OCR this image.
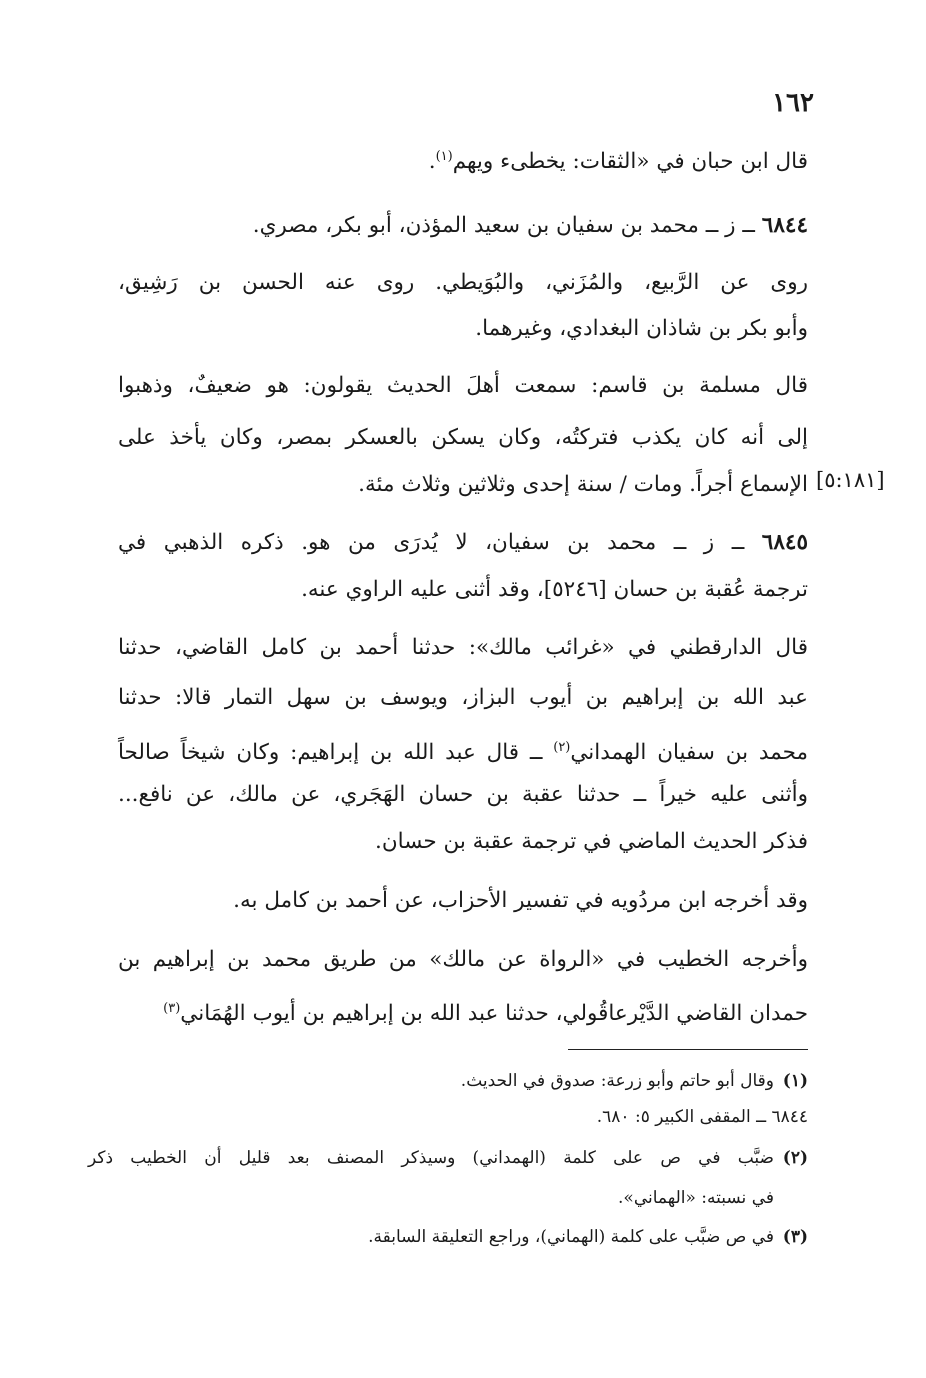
١٦٢
[٥:١٨١]
قال ابن حبان في «الثقات: يخطىء ويهم$^{(١)}$.
٦٨٤٤ ــ ز ــ محمد بن سفيان بن سعيد المؤذن، أبو بكر، مصري.
روى عن الرَّبيع، والمُزَني، والبُوَيطي. روى عنه الحسن بن رَشِيق،
وأبو بكر بن شاذان البغدادي، وغيرهما.
قال مسلمة بن قاسم: سمعت أهلَ الحديث يقولون: هو ضعيفٌ، وذهبوا
إلى أنه كان يكذب فتركتُه، وكان يسكن بالعسكر بمصر، وكان يأخذ على
الإسماع أجراً. ومات / سنة إحدى وثلاثين وثلاث مئة.
٦٨٤٥ ــ ز ــ محمد بن سفيان، لا يُدرَى من هو. ذكره الذهبي في
ترجمة عُقبة بن حسان [٥٢٤٦]، وقد أثنى عليه الراوي عنه.
قال الدارقطني في «غرائب مالك»: حدثنا أحمد بن كامل القاضي، حدثنا
عبد الله بن إبراهيم بن أيوب البزاز، ويوسف بن سهل التمار قالا: حدثنا
محمد بن سفيان الهمداني$^{(٢)}$ ــ قال عبد الله بن إبراهيم: وكان شيخاً صالحاً
وأثنى عليه خيراً ــ حدثنا عقبة بن حسان الهَجَري، عن مالك، عن نافع...
فذكر الحديث الماضي في ترجمة عقبة بن حسان.
وقد أخرجه ابن مردُويه في تفسير الأحزاب، عن أحمد بن كامل به.
وأخرجه الخطيب في «الرواة عن مالك» من طريق محمد بن إبراهيم بن
حمدان القاضي الدَّيْرعاقُولي، حدثنا عبد الله بن إبراهيم بن أيوب الهُمَاني$^{(٣)}$
(١)وقال أبو حاتم وأبو زرعة: صدوق في الحديث.
٦٨٤٤ ــ المقفى الكبير ٥: ٦٨٠.
(٢)ضبَّب في ص على كلمة (الهمداني) وسيذكر المصنف بعد قليل أن الخطيب ذكر
في نسبته: «الهماني».
(٣)في ص ضبَّب على كلمة (الهماني)، وراجع التعليقة السابقة.
